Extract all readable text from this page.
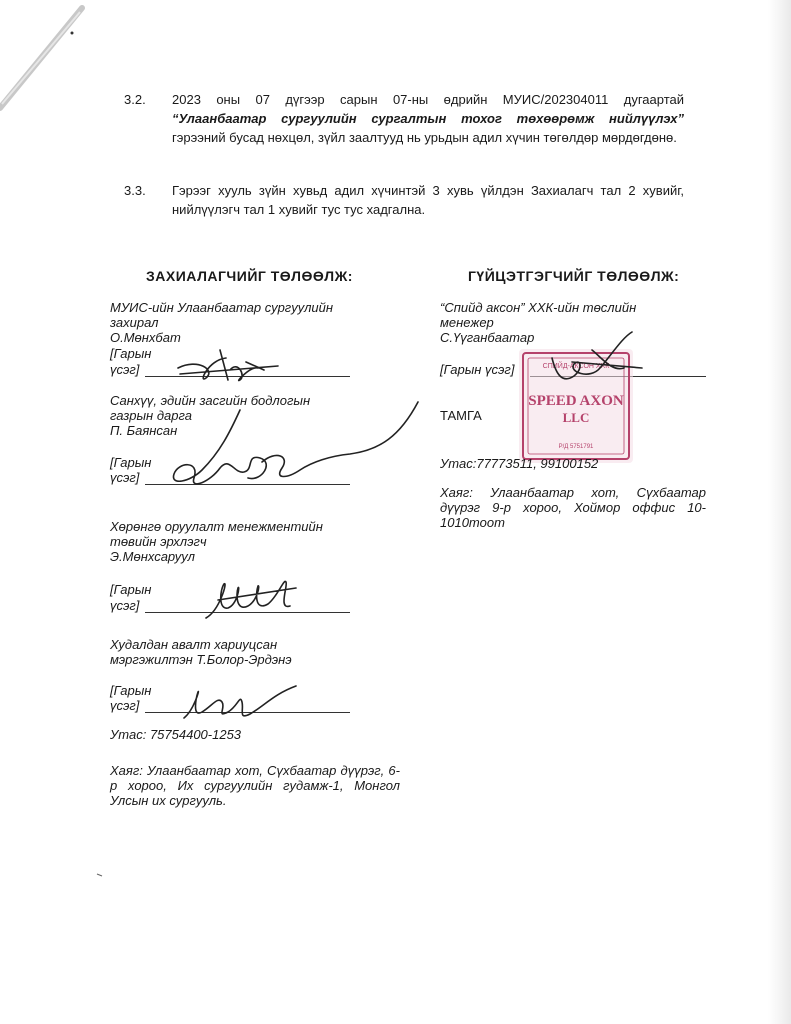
3.2. 2023 оны 07 дүгээр сарын 07-ны өдрийн МУИС/202304011 дугаартай “Улаанбаатар сургуулийн сургалтын тохог төхөөрөмж нийлүүлэх” гэрээний бусад нөхцөл, зүйл заалтууд нь урьдын адил хүчин төгөлдөр мөрдөгдөнө.
3.3. Гэрээг хууль зүйн хувьд адил хүчинтэй 3 хувь үйлдэн Захиалагч тал 2 хувийг, нийлүүлэгч тал 1 хувийг тус тус хадгална.
ЗАХИАЛАГЧИЙГ ТӨЛӨӨЛЖ:	ГҮЙЦЭТГЭГЧИЙГ ТӨЛӨӨЛЖ:
МУИС-ийн Улаанбаатар сургуулийн
захирал
О.Мөнхбат
[Гарын
үсэг]
Санхүү, эдийн засгийн бодлогын
газрын дарга
П. Баянсан
[Гарын
үсэг]
Хөрөнгө оруулалт менежментийн
төвийн эрхлэгч
Э.Мөнхсаруул
[Гарын
үсэг]
Худалдан авалт хариуцсан
мэргэжилтэн Т.Болор-Эрдэнэ
[Гарын
үсэг]
Утас: 75754400-1253
Хаяг: Улаанбаатар хот, Сүхбаатар дүүрэг, 6-р хороо, Их сургуулийн гудамж-1, Монгол Улсын их сургууль.
“Спийд аксон” ХХК-ийн төслийн
менежер
С.Үүганбаатар
[Гарын үсэг]	СПИЙД-АКСОН ХХК
SPEED AXON
LLC
Р/Д 5751791
ТАМГА
Утас:77773511, 99100152
Хаяг: Улаанбаатар хот, Сүхбаатар дүүрэг 9-р хороо, Хоймор оффис 10-1010тоот
